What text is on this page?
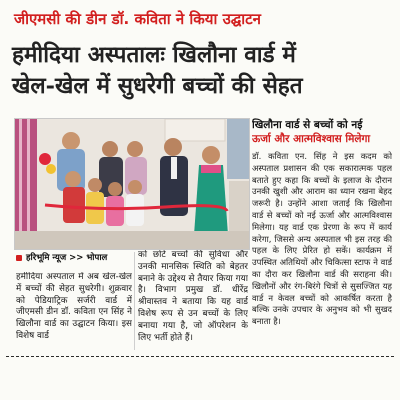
जीएमसी की डीन डॉ. कविता ने किया उद्घाटन
हमीदिया अस्पतालः खिलौना वार्ड में
खेल-खेल में सुधरेगी बच्चों की सेहत
खिलौना वार्ड से बच्चों को नई
ऊर्जा और आत्मविश्वास मिलेगा
डॉ. कविता एन. सिंह ने इस कदम को अस्पताल प्रशासन की एक सकारात्मक पहल बताते हुए कहा कि बच्चों के इलाज के दौरान उनकी खुशी और आराम का ध्यान रखना बेहद जरूरी है। उन्होंने आशा जताई कि खिलौना वार्ड से बच्चों को नई ऊर्जा और आत्मविश्वास मिलेगा। यह वार्ड एक प्रेरणा के रूप में कार्य करेगा, जिससे अन्य अस्पताल भी इस तरह की पहल के लिए प्रेरित हो सकें। कार्यक्रम में उपस्थित अतिथियों और चिकित्सा स्टाफ ने वार्ड का दौरा कर खिलौना वार्ड की सराहना की। खिलौनों और रंग-बिरंगे चित्रों से सुसज्जित यह वार्ड न केवल बच्चों को आकर्षित करता है बल्कि उनके उपचार के अनुभव को भी सुखद बनाता है।
हरिभूमि न्यूज >> भोपाल
हमीदिया अस्पताल में अब खेल-खेल में बच्चों की सेहत सुधरेगी। शुक्रवार को पेडियाट्रिक सर्जरी वार्ड में जीएमसी डीन डॉ. कविता एन सिंह ने खिलौना वार्ड का उद्घाटन किया। इस विशेष वार्ड
को छोटे बच्चों की सुविधा और उनकी मानसिक स्थिति को बेहतर बनाने के उद्देश्य से तैयार किया गया है। विभाग प्रमुख डॉ. धीरेंद्र श्रीवास्तव ने बताया कि यह वार्ड विशेष रूप से उन बच्चों के लिए बनाया गया है, जो ऑपरेशन के लिए भर्ती होते हैं।
